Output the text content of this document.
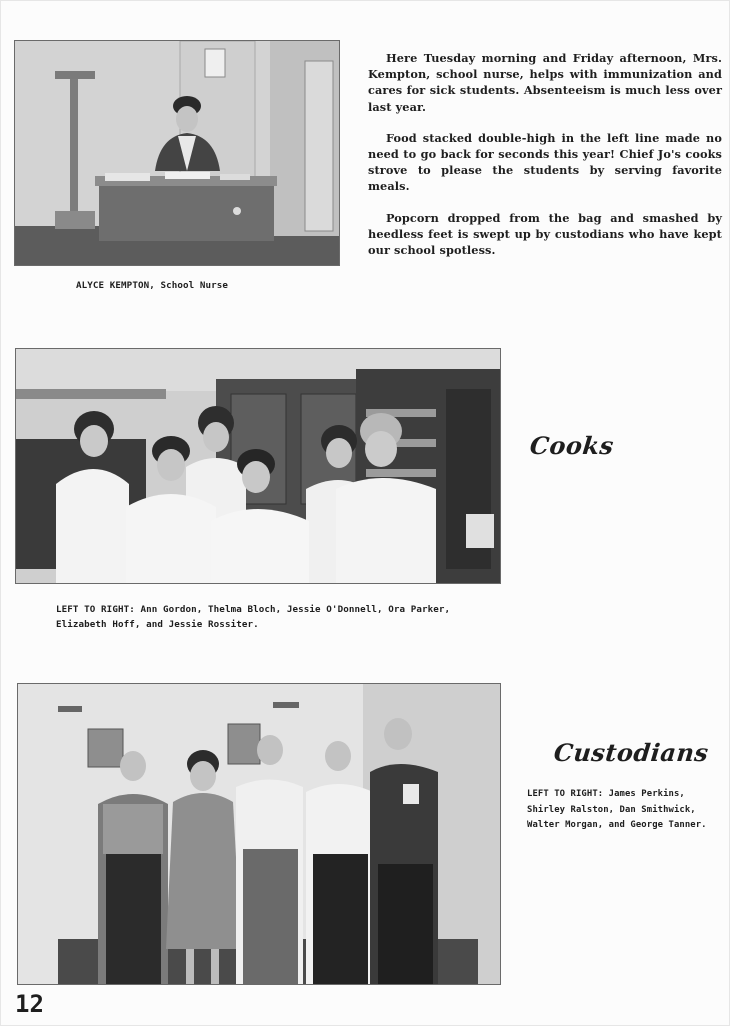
Here Tuesday morning and Friday afternoon, Mrs. Kempton, school nurse, helps with immunization and cares for sick students. Absenteeism is much less over last year.

Food stacked double-high in the left line made no need to go back for seconds this year! Chief Jo's cooks strove to please the students by serving favorite meals.

Popcorn dropped from the bag and smashed by heedless feet is swept up by custodians who have kept our school spotless.

ALYCE KEMPTON, School Nurse
Cooks
LEFT TO RIGHT: Ann Gordon, Thelma Bloch, Jessie O'Donnell, Ora Parker, Elizabeth Hoff, and Jessie Rossiter.
Custodians
LEFT TO RIGHT: James Perkins, Shirley Ralston, Dan Smithwick, Walter Morgan, and George Tanner.
12
